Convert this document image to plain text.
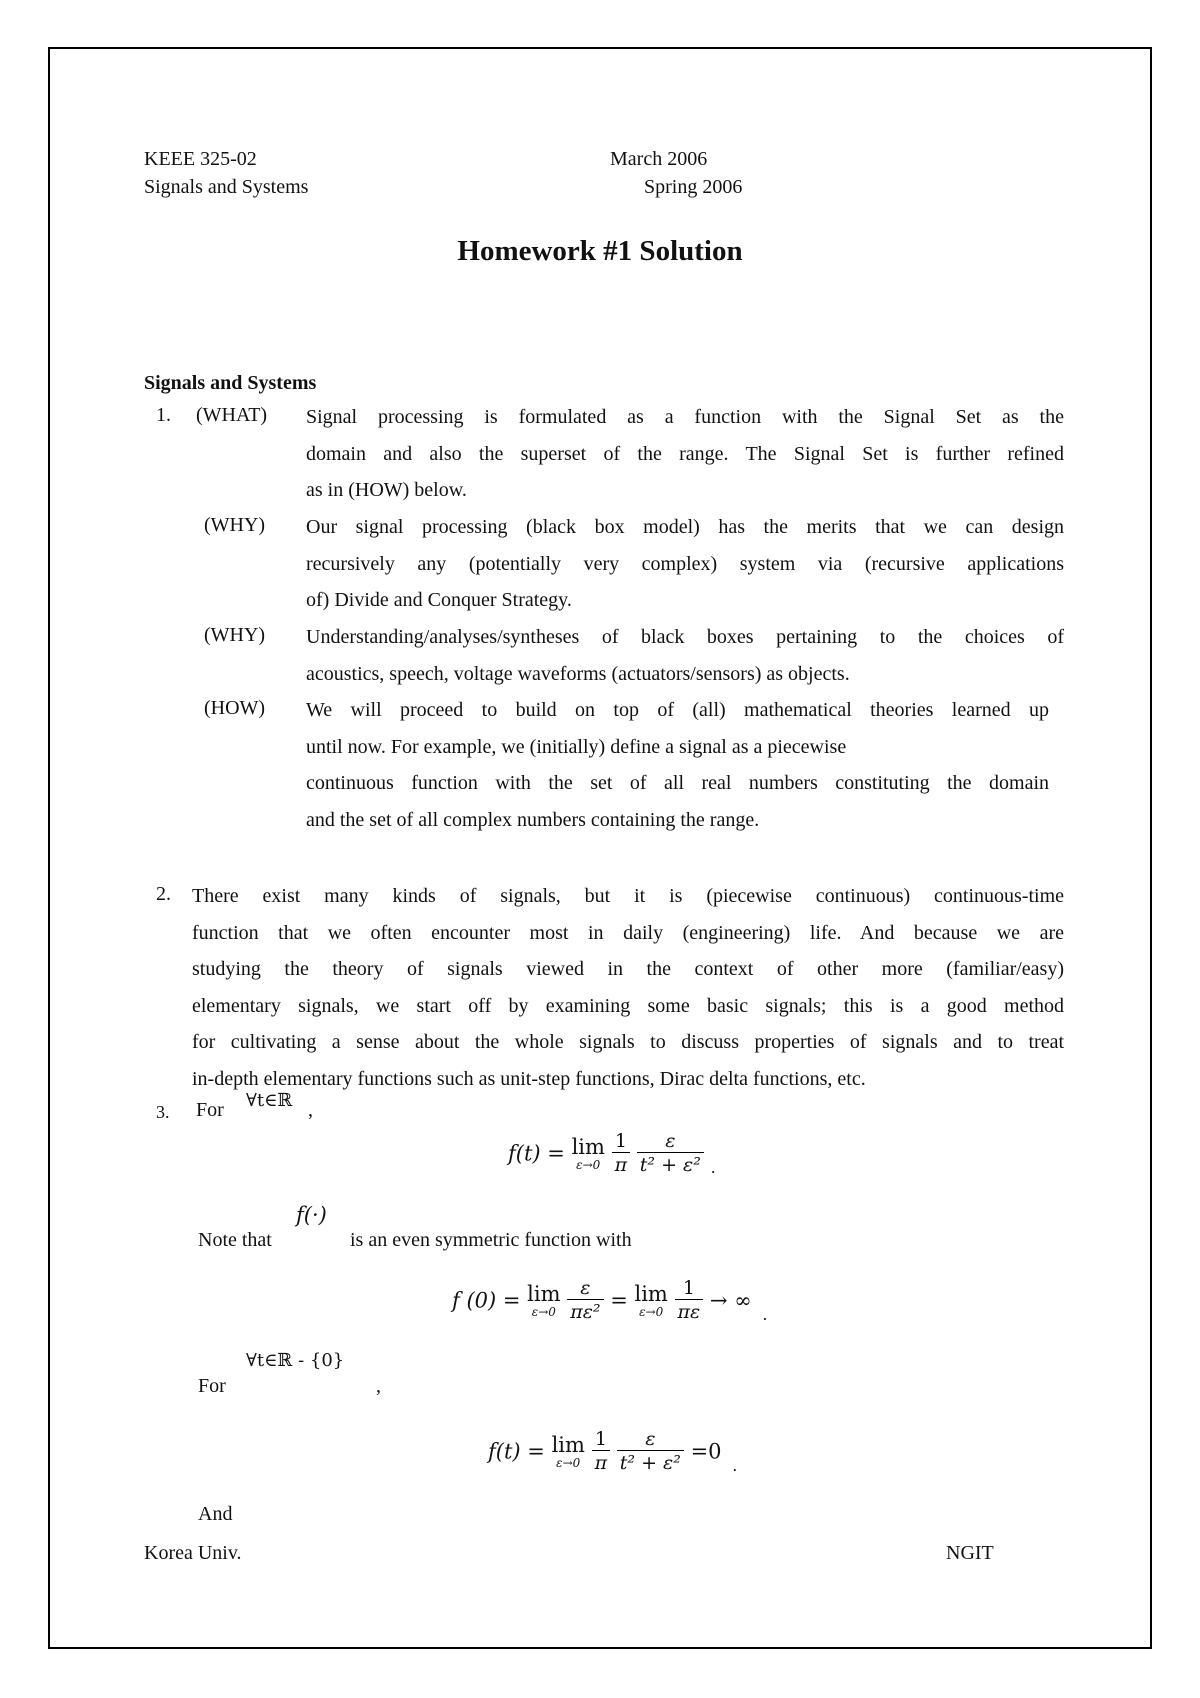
KEEE 325-02
Signals and Systems
March 2006
Spring 2006
Homework #1 Solution
Signals and Systems
1. (WHAT) Signal processing is formulated as a function with the Signal Set as the
domain and also the superset of the range. The Signal Set is further refined
as in (HOW) below.
(WHY) Our signal processing (black box model) has the merits that we can design
recursively any (potentially very complex) system via (recursive applications
of) Divide and Conquer Strategy.
(WHY) Understanding/analyses/syntheses of black boxes pertaining to the choices of
acoustics, speech, voltage waveforms (actuators/sensors) as objects.
(HOW) We will proceed to build on top of (all) mathematical theories learned up
until now. For example, we (initially) define a signal as a piecewise
continuous function with the set of all real numbers constituting the domain
and the set of all complex numbers containing the range.
2. There exist many kinds of signals, but it is (piecewise continuous) continuous-time
function that we often encounter most in daily (engineering) life. And because we are
studying the theory of signals viewed in the context of other more (familiar/easy)
elementary signals, we start off by examining some basic signals; this is a good method
for cultivating a sense about the whole signals to discuss properties of signals and to treat
in-depth elementary functions such as unit-step functions, Dirac delta functions, etc.
3. For ∀t∈ℝ ,
f(t) = lim
ε→0
$\frac{1}{\pi}$
$\frac{\varepsilon}{\text{t² + ε²}}$ .
Note that
f(·)
is an even symmetric function with
f (0) = lim
ε→0
$\frac{\varepsilon}{\text{πε²}} = \lim$
ε→0
$\frac{1}{\pi\varepsilon}$ → ∞ .
∀t∈ℝ - {0}
For	,
f(t) = lim
ε→0
$\frac{1}{\pi}$
$\frac{\varepsilon}{\text{t² + ε²}} =0$ .
And
Korea Univ.	NGIT
